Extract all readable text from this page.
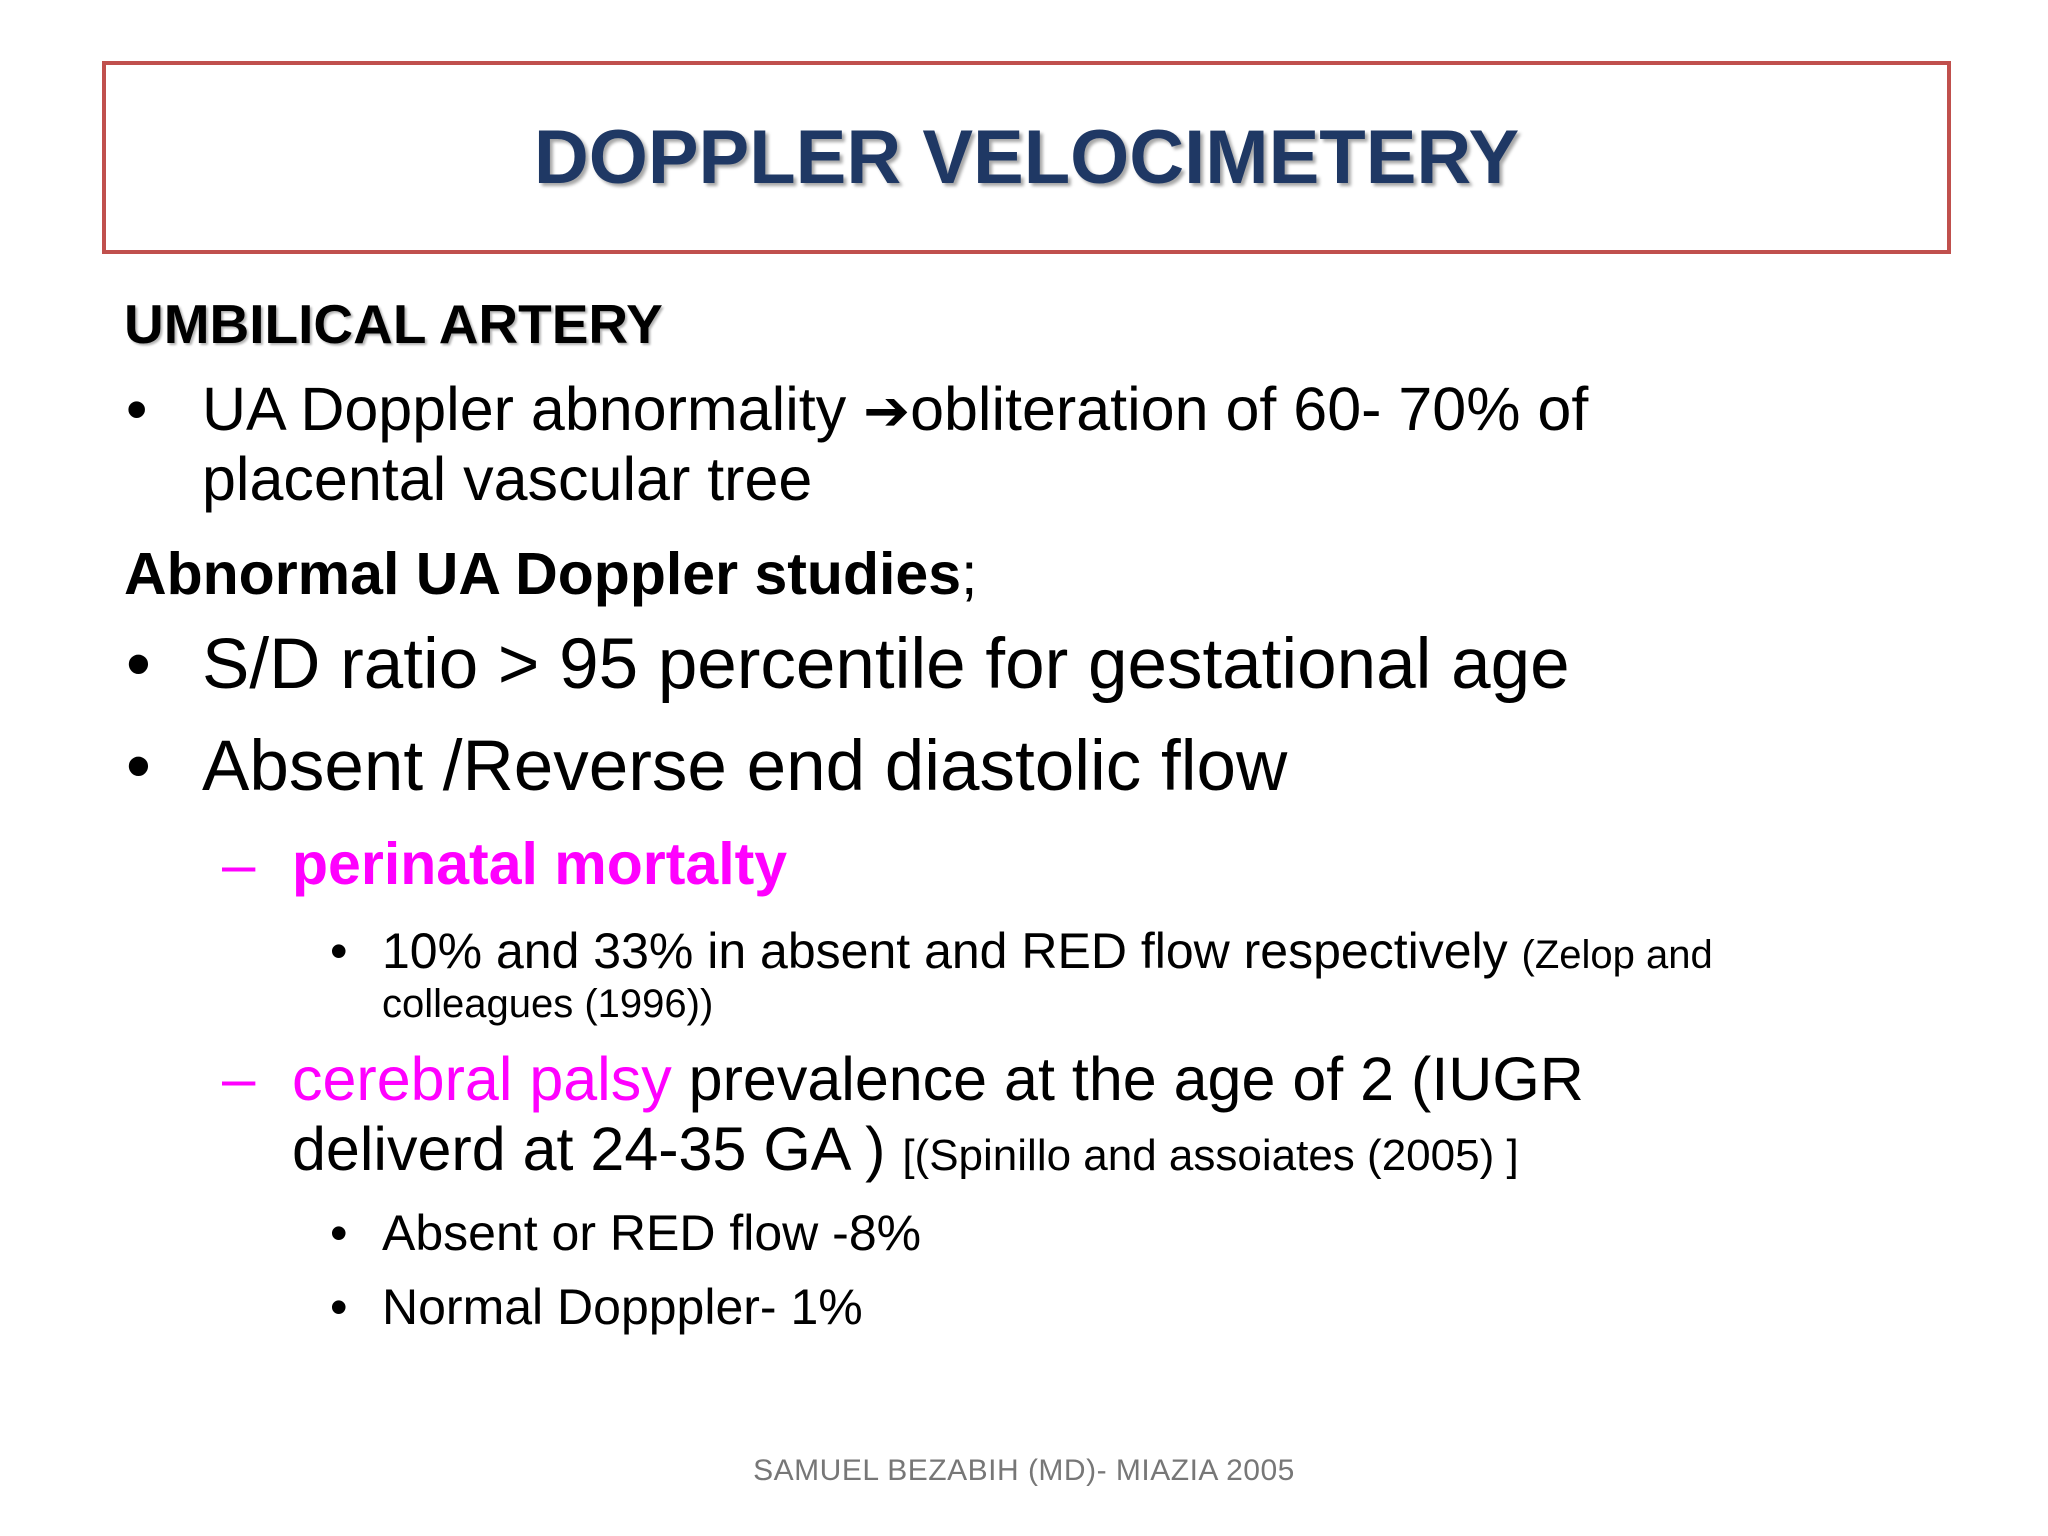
DOPPLER VELOCIMETERY
UMBILICAL ARTERY
• UA Doppler abnormality ➔obliteration of 60- 70% of
placental vascular tree
Abnormal UA Doppler studies;
• S/D ratio > 95 percentile for gestational age
• Absent /Reverse end diastolic flow
– perinatal mortalty
• 10% and 33% in absent and RED flow respectively (Zelop and
colleagues (1996))
– cerebral palsy prevalence at the age of 2 (IUGR
deliverd at 24-35 GA ) [(Spinillo and assoiates (2005) ]
• Absent or RED flow -8%
• Normal Dopppler- 1%
SAMUEL BEZABIH (MD)- MIAZIA 2005
